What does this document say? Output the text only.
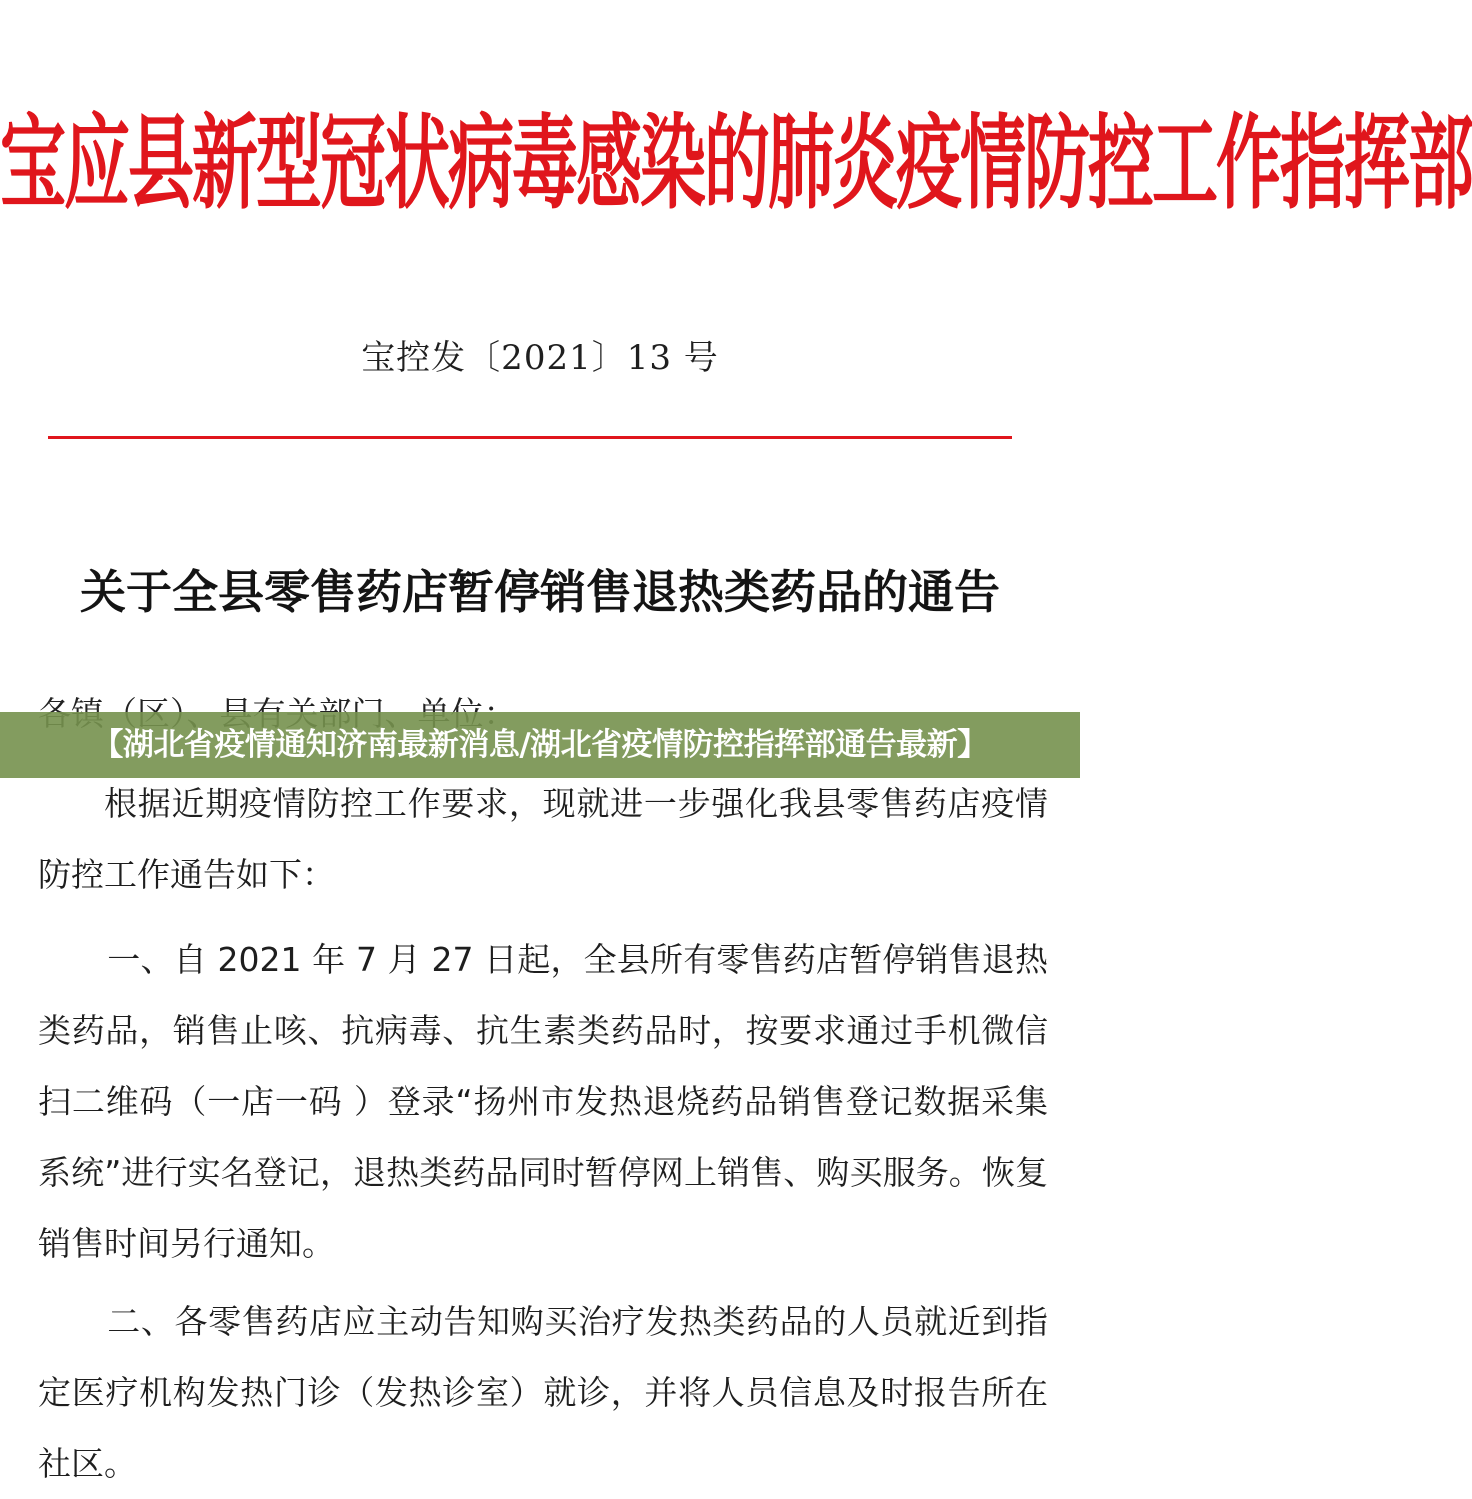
宝应县新型冠状病毒感染的肺炎疫情防控工作指挥部
宝控发〔2021〕13 号
关于全县零售药店暂停销售退热类药品的通告

根据近期疫情防控工作要求，现就进一步强化我县零售药店疫情防控工作通告如下：

一、自 2021 年 7 月 27 日起，全县所有零售药店暂停销售退热类药品，销售止咳、抗病毒、抗生素类药品时，按要求通过手机微信扫二维码（一店一码 ）登录“扬州市发热退烧药品销售登记数据采集系统”进行实名登记，退热类药品同时暂停网上销售、购买服务。恢复销售时间另行通知。

二、各零售药店应主动告知购买治疗发热类药品的人员就近到指定医疗机构发热门诊（发热诊室）就诊，并将人员信息及时报告所在社区。

【湖北省疫情通知济南最新消息/湖北省疫情防控指挥部通告最新】
